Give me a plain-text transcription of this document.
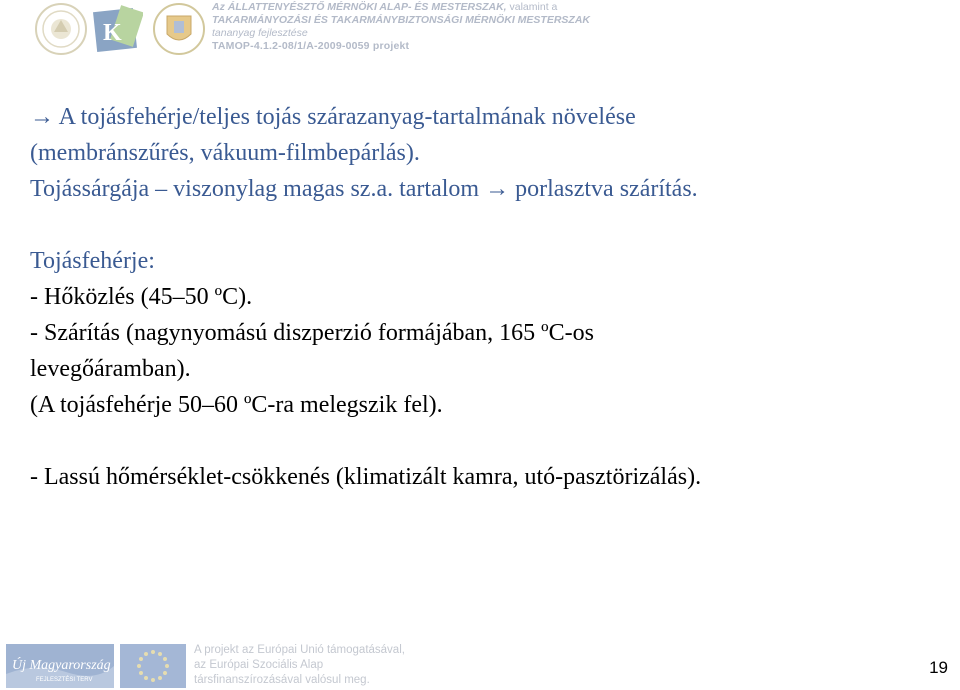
K
Az ÁLLATTENYÉSZTŐ MÉRNÖKI ALAP- ÉS MESTERSZAK, valamint a
TAKARMÁNYOZÁSI ÉS TAKARMÁNYBIZTONSÁGI MÉRNÖKI MESTERSZAK
tananyag fejlesztése
TAMOP-4.1.2-08/1/A-2009-0059 projekt

→ A tojásfehérje/teljes tojás szárazanyag-tartalmának növelése

(membránszűrés, vákuum-filmbepárlás).

Tojássárgája – viszonylag magas sz.a. tartalom → porlasztva szárítás.

Tojásfehérje:

- Hőközlés (45–50 ºC).

- Szárítás (nagynyomású diszperzió formájában, 165 ºC-os

levegőáramban).

(A tojásfehérje 50–60 ºC-ra melegszik fel).

- Lassú hőmérséklet-csökkenés (klimatizált kamra, utó-pasztörizálás).

Új Magyarország
FEJLESZTÉSI TERV
A projekt az Európai Unió támogatásával,
az Európai Szociális Alap
társfinanszírozásával valósul meg.
19
